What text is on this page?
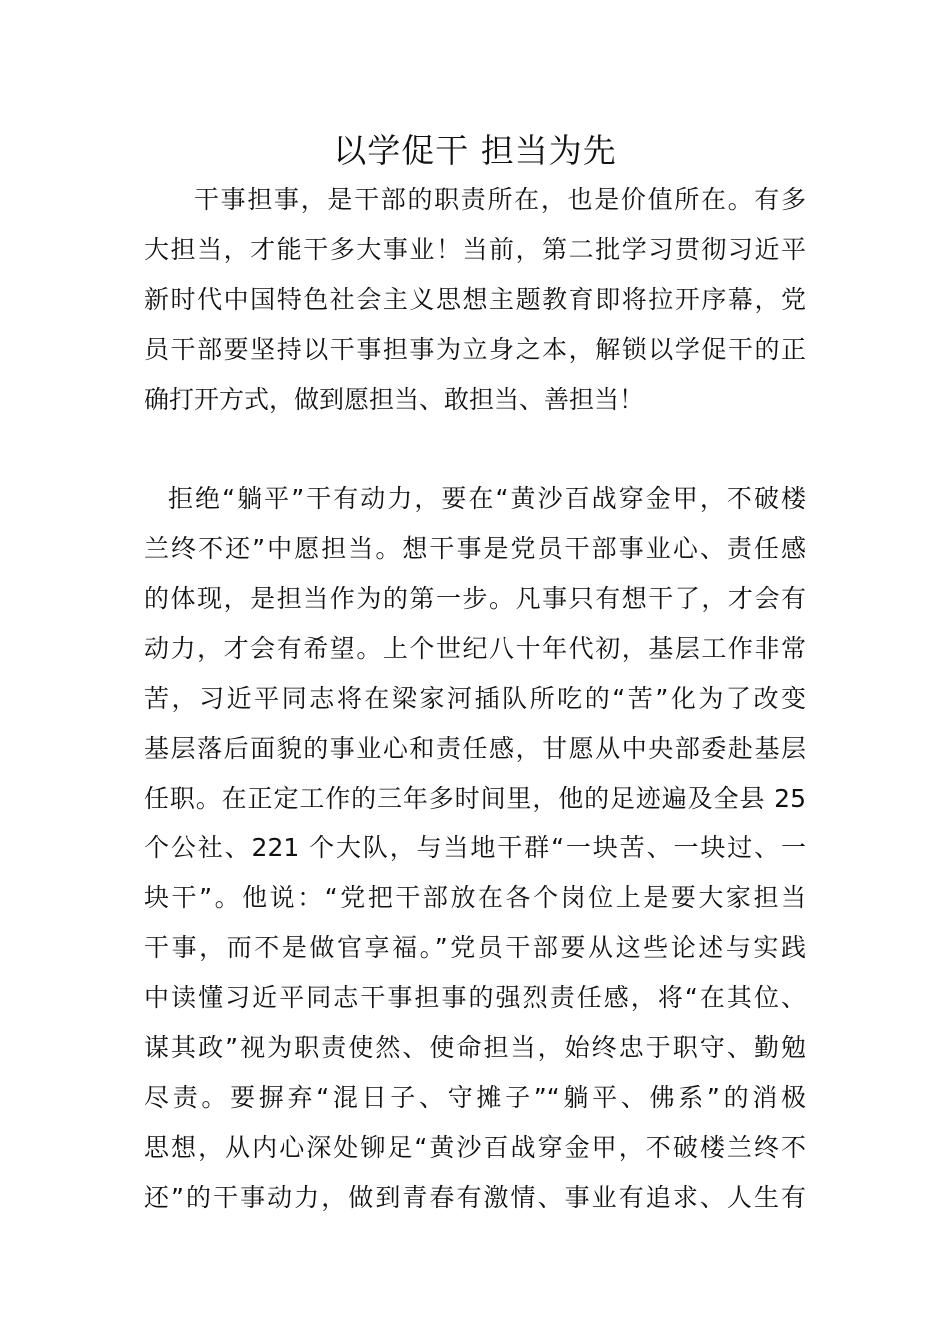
以学促干 担当为先

干事担事，是干部的职责所在，也是价值所在。有多

大担当，才能干多大事业！当前，第二批学习贯彻习近平

新时代中国特色社会主义思想主题教育即将拉开序幕，党

员干部要坚持以干事担事为立身之本，解锁以学促干的正

确打开方式，做到愿担当、敢担当、善担当！

拒绝“躺平”干有动力，要在“黄沙百战穿金甲，不破楼

兰终不还”中愿担当。想干事是党员干部事业心、责任感

的体现，是担当作为的第一步。凡事只有想干了，才会有

动力，才会有希望。上个世纪八十年代初，基层工作非常

苦，习近平同志将在梁家河插队所吃的“苦”化为了改变

基层落后面貌的事业心和责任感，甘愿从中央部委赴基层

任职。在正定工作的三年多时间里，他的足迹遍及全县 25

个公社、221 个大队，与当地干群“一块苦、一块过、一

块干”。他说：“党把干部放在各个岗位上是要大家担当

干事，而不是做官享福。”党员干部要从这些论述与实践

中读懂习近平同志干事担事的强烈责任感，将“在其位、

谋其政”视为职责使然、使命担当，始终忠于职守、勤勉

尽责。要摒弃“混日子、守摊子”“躺平、佛系”的消极

思想，从内心深处铆足“黄沙百战穿金甲，不破楼兰终不

还”的干事动力，做到青春有激情、事业有追求、人生有
